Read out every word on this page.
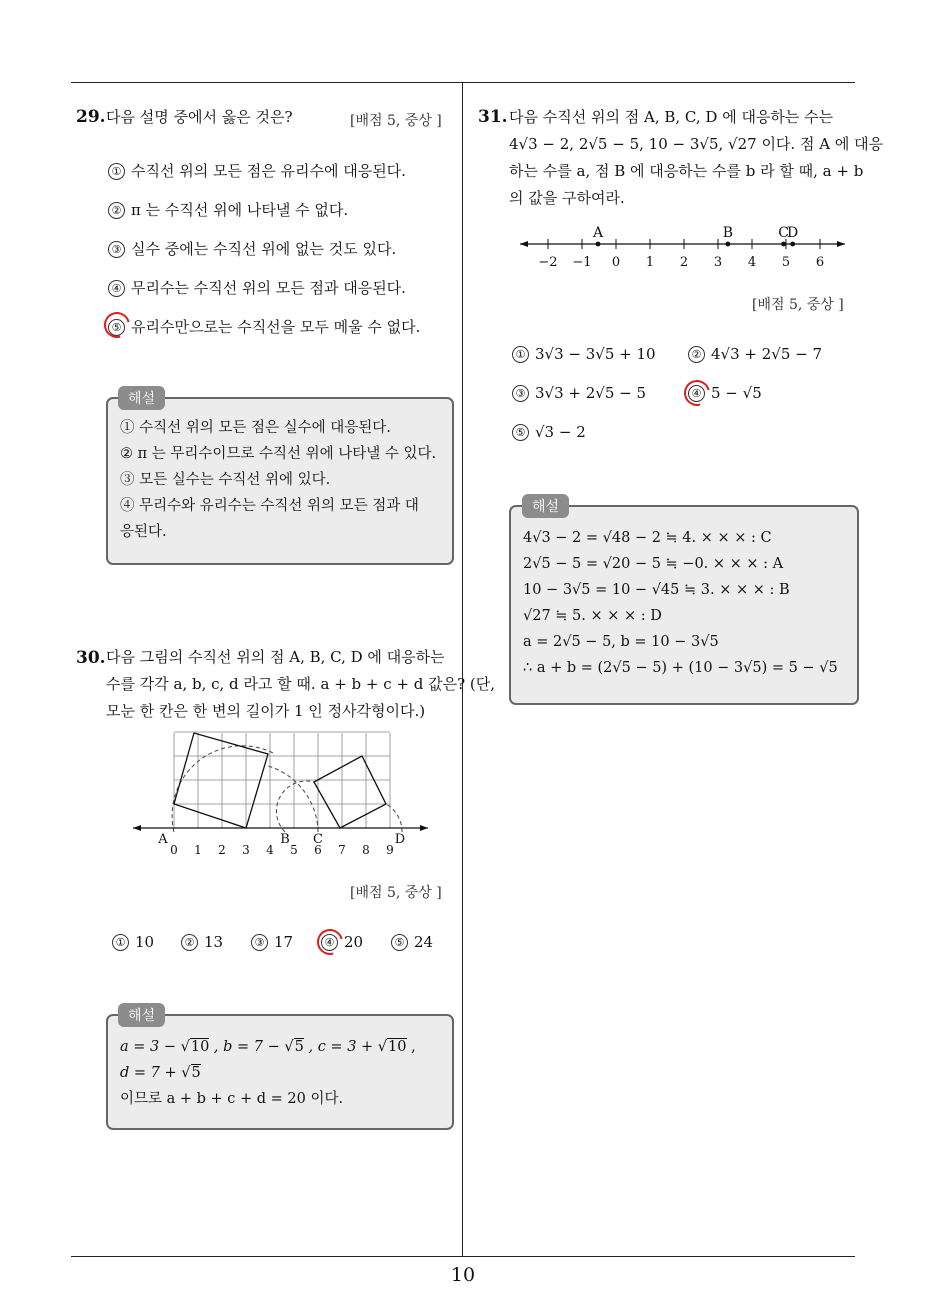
29. 다음 설명 중에서 옳은 것은?	[배점 5, 중상 ]
① 수직선 위의 모든 점은 유리수에 대응된다.
② π 는 수직선 위에 나타낼 수 없다.
③ 실수 중에는 수직선 위에 없는 것도 있다.
④ 무리수는 수직선 위의 모든 점과 대응된다.
⑤ 유리수만으로는 수직선을 모두 메울 수 없다.
① 수직선 위의 모든 점은 실수에 대응된다.
② π 는 무리수이므로 수직선 위에 나타낼 수 있다.
③ 모든 실수는 수직선 위에 있다.
④ 무리수와 유리수는 수직선 위의 모든 점과 대
응된다.
해설
30. 다음 그림의 수직선 위의 점 A, B, C, D 에 대응하는
수를 각각 a, b, c, d 라고 할 때. a + b + c + d 값은? (단,
모눈 한 칸은 한 변의 길이가 1 인 정사각형이다.)
0 1 2 3 4 5 6 7 8 9
A	B C	D
[배점 5, 중상 ]
① 10	② 13	③ 17	④ 20	⑤ 24
a = 3 − √10 , b = 7 − √5 , c = 3 + √10 ,
d = 7 + √5
이므로 a + b + c + d = 20 이다.
해설
31. 다음 수직선 위의 점 A, B, C, D 에 대응하는 수는
4√3 − 2, 2√5 − 5, 10 − 3√5, √27 이다. 점 A 에 대응
하는 수를 a, 점 B 에 대응하는 수를 b 라 할 때, a + b
의 값을 구하여라.
−2 −1 0 1 2 3 4 5 6
A	B	C
D
[배점 5, 중상 ]
① 3√3 − 3√5 + 10	② 4√3 + 2√5 − 7
③ 3√3 + 2√5 − 5	④ 5 − √5
⑤ √3 − 2
4√3 − 2 = √48 − 2 ≒ 4. × × × : C
2√5 − 5 = √20 − 5 ≒ −0. × × × : A
10 − 3√5 = 10 − √45 ≒ 3. × × × : B
√27 ≒ 5. × × × : D
a = 2√5 − 5, b = 10 − 3√5
∴ a + b = (2√5 − 5) + (10 − 3√5) = 5 − √5
해설
10
